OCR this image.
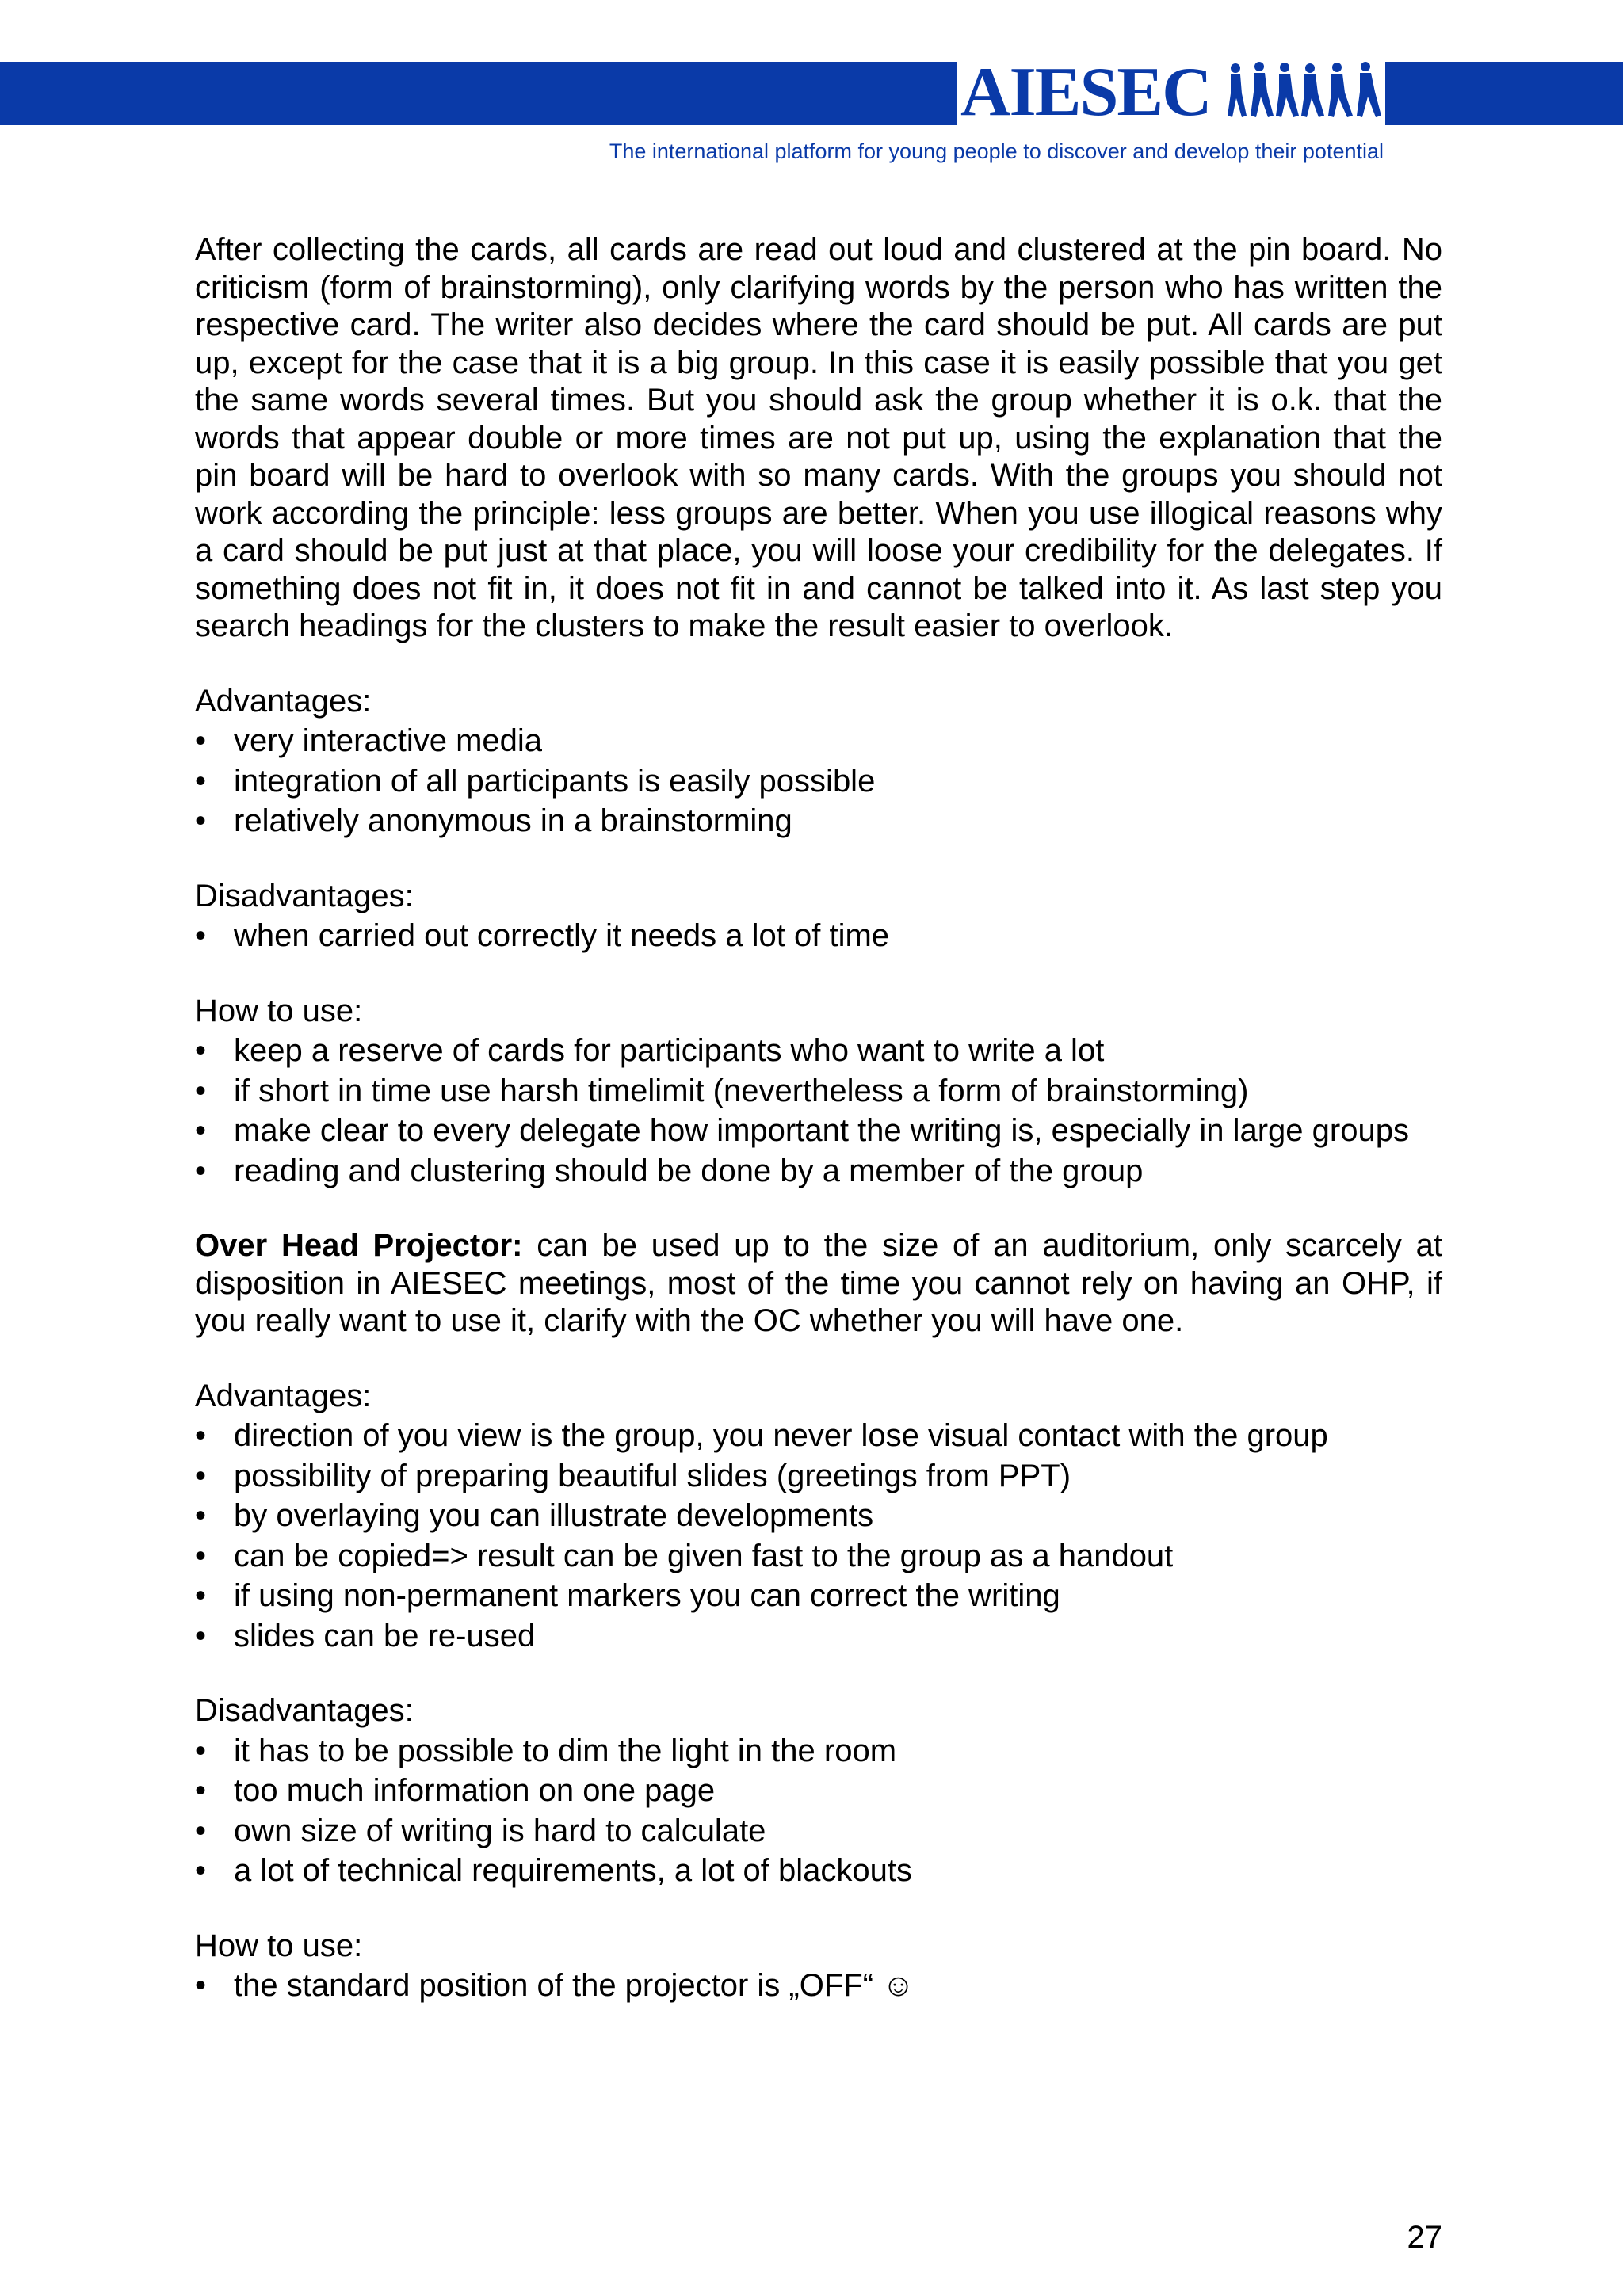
AIESEC
The international platform for young people to discover and develop their potential

After collecting the cards, all cards are read out loud and clustered at the pin board. No criticism (form of brainstorming), only clarifying words by the person who has written the respective card. The writer also decides where the card should be put. All cards are put up, except for the case that it is a big group. In this case it is easily possible that you get the same words several times. But you should ask the group whether it is o.k. that the words that appear double or more times are not put up, using the explanation that the pin board will be hard to overlook with so many cards. With the groups you should not work according the principle: less groups are better. When you use illogical reasons why a card should be put just at that place, you will loose your credibility for the delegates. If something does not fit in, it does not fit in and cannot be talked into it. As last step you search headings for the clusters to make the result easier to overlook.

Advantages:

• very interactive media
• integration of all participants is easily possible
• relatively anonymous in a brainstorming

Disadvantages:

• when carried out correctly it needs a lot of time

How to use:

• keep a reserve of cards for participants who want to write a lot
• if short in time use harsh timelimit (nevertheless a form of brainstorming)
• make clear to every delegate how important the writing is, especially in large groups
• reading and clustering should be done by a member of the group

Over Head Projector: can be used up to the size of an auditorium, only scarcely at disposition in AIESEC meetings, most of the time you cannot rely on having an OHP, if you really want to use it, clarify with the OC whether you will have one.

Advantages:

• direction of you view is the group, you never lose visual contact with the group
• possibility of preparing beautiful slides (greetings from PPT)
• by overlaying you can illustrate developments
• can be copied=> result can be given fast to the group as a handout
• if using non-permanent markers you can correct the writing
• slides can be re-used

Disadvantages:

• it has to be possible to dim the light in the room
• too much information on one page
• own size of writing is hard to calculate
• a lot of technical requirements, a lot of blackouts

How to use:

• the standard position of the projector is „OFF“ ☺
27
